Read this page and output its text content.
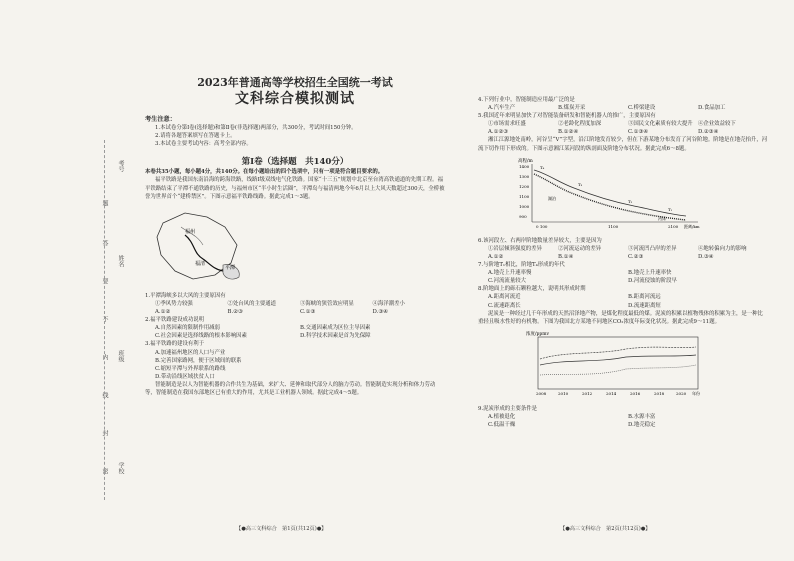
考号
姓名
班级
学校
题
答
要
不
内
线
封
密
2023年普通高等学校招生全国统一考试
文科综合模拟测试
考生注意：
1.本试卷分第Ⅰ卷(选择题)和第Ⅱ卷(非选择题)两部分，共300分，考试时间150分钟。
2.请将各题答案填写在答题卡上。
3.本试卷主要考试内容：高考全部内容。
第Ⅰ卷（选择题　共140分）
本卷共35小题，每小题4分，共140分。在每小题给出的四个选项中，只有一项是符合题目要求的。
福平铁路是我国东南沿海的跨海铁路，线路Ⅰ级双线电气化铁路。国家“十三五”规划中北京至台湾高铁通道的先期工程。福平铁路结束了平潭不通铁路的历史，与福州市区“半小时生活圈”，平潭岛与福清两地今年6月以上大风天数超过300天，全桥被誉为世界首个“建桥禁区”。下图示意福平铁路线路。据此完成1～3题。
福州
平潭
福清
1.平潭海峡多以大风的主要原因有
①季风势力较强	②处台风的主要通道	③海峡的狭管效应明显	④海洋潮差小
A.①②	B.②③	C.①③	D.③④
2.福平铁路建设成功说明
A.自然因素的限制作用减弱	B.交通因素成为区位主导因素
C.社会因素是选择线路的根本影响因素	D.科学技术因素是首为先保障
3.福平铁路的建设有利于
A.加速福州地区的人口与产业
B.完善国家路网，便于区域间的联系
C.缩短平潭与外界联系的路线
D.带动沿线区域扶贫人口
智能制造是以人为智能机器的合作共生为基础，来扩大、延伸和取代部分人的脑力劳动。智能制造实现分析和体力劳动等，智能制造在我国东部地区已有重大的作用，尤其是工业机器人领域。据此完成4～5题。
【●高三文科综合　第1页(共12页)●】
4.下列行业中，智能制造应用最广泛的是
A.汽车生产	B.煤炭开采	C.桥梁建设	D.食品加工
5.我国近年来明显加快了对智能装备研发和智能机器人的推广，主要原因有
①市场需求旺盛	②老龄化程度加深	③国民文化素质有较大提升 ④企业效益较下
A.①②③	B.①②④	C.①③④	D.②③④
湘江江源地处南岭，河谷呈“V”字型，沿江阶地发育较少，但在下游某地分布发育了河谷阶地。阶地是在地壳抬升，河流下切作用下形成的。下图示意湘江某河段的纵剖面及阶地分布状况。据此完成6～8题。
高程/m
1400
1300
1200
1100
1000
900
T₄
T₃
T₂
T₁
湖泊
河床
0 100	1100	2100 距离/km
6.该河段左、右两岸阶地数量差异较大，主要是因为
①岩层倾斜强度的差异	②河流运动的差异	③河流凹凸岸的差异	④地转偏向力的影响
A.①②	B.①④	C.②③	D.③④
7.与阶地T₁相比，阶地T₄形成的年代
A.地壳上升速率慢	B.地壳上升速率快
C.河流流量较大	D.河流侵蚀的阶段早
8.阶地面上的砾石颗粒越大，说明其形成时期
A.距离河流近	B.距离河流远
C.流速距离长	D.流速距离短
泥炭是一种经过几千年形成的天然沼泽地产物，是煤化程度最低的煤。泥炭的积累以植物残体的积累为主，是一种比重轻且吸水性好的有机物。下图为我国北方某地不同地区CO₂浓度年际变化状况。据此完成9～11题。
浓度/ppmv
2008	2010	2012	2014	2016	2018	2020 年份
9.泥炭形成的主要条件是
A.植被退化	B.水源丰富
C.低温干燥	D.地壳稳定
【●高三文科综合　第2页(共12页)●】
